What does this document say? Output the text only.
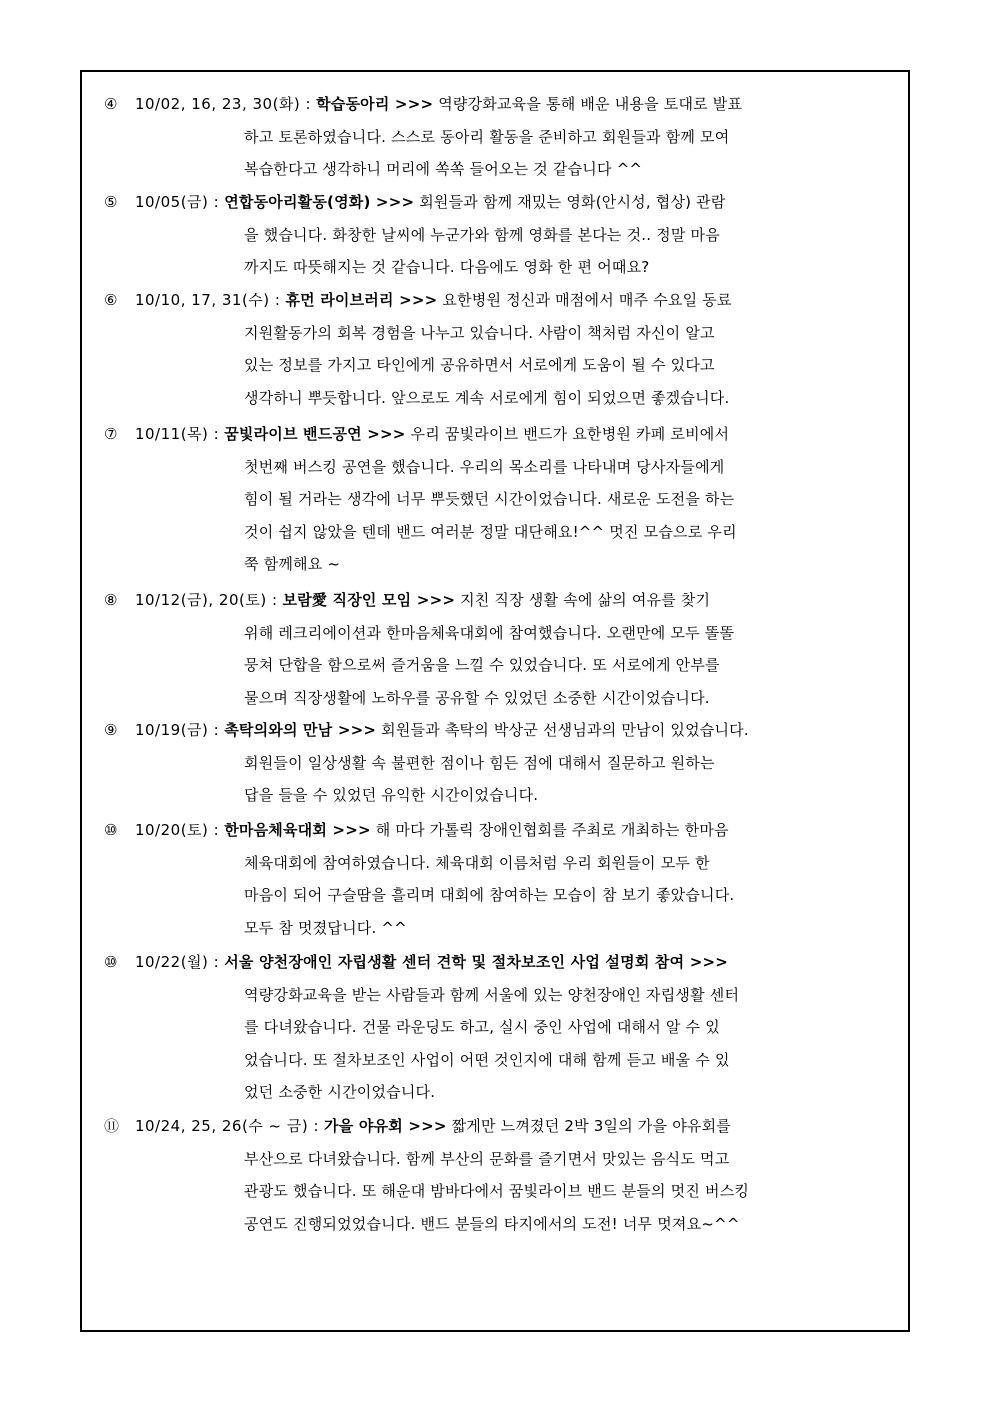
④ 10/02, 16, 23, 30(화) : 학습동아리 >>> 역량강화교육을 통해 배운 내용을 토대로 발표
하고 토론하였습니다. 스스로 동아리 활동을 준비하고 회원들과 함께 모여
복습한다고 생각하니 머리에 쏙쏙 들어오는 것 같습니다 ^^
⑤ 10/05(금) : 연합동아리활동(영화) >>> 회원들과 함께 재밌는 영화(안시성, 협상) 관람
을 했습니다. 화창한 날씨에 누군가와 함께 영화를 본다는 것.. 정말 마음
까지도 따뜻해지는 것 같습니다. 다음에도 영화 한 편 어때요?
⑥ 10/10, 17, 31(수) : 휴먼 라이브러리 >>> 요한병원 정신과 매점에서 매주 수요일 동료
지원활동가의 회복 경험을 나누고 있습니다. 사람이 책처럼 자신이 알고
있는 정보를 가지고 타인에게 공유하면서 서로에게 도움이 될 수 있다고
생각하니 뿌듯합니다. 앞으로도 계속 서로에게 힘이 되었으면 좋겠습니다.
⑦ 10/11(목) : 꿈빛라이브 밴드공연 >>> 우리 꿈빛라이브 밴드가 요한병원 카페 로비에서
첫번째 버스킹 공연을 했습니다. 우리의 목소리를 나타내며 당사자들에게
힘이 될 거라는 생각에 너무 뿌듯했던 시간이었습니다. 새로운 도전을 하는
것이 쉽지 않았을 텐데 밴드 여러분 정말 대단해요!^^ 멋진 모습으로 우리
쭉 함께해요 ~
⑧ 10/12(금), 20(토) : 보람愛 직장인 모임 >>> 지친 직장 생활 속에 삶의 여유를 찾기
위해 레크리에이션과 한마음체육대회에 참여했습니다. 오랜만에 모두 똘똘
뭉쳐 단합을 함으로써 즐거움을 느낄 수 있었습니다. 또 서로에게 안부를
물으며 직장생활에 노하우를 공유할 수 있었던 소중한 시간이었습니다.
⑨ 10/19(금) : 촉탁의와의 만남 >>> 회원들과 촉탁의 박상군 선생님과의 만남이 있었습니다.
회원들이 일상생활 속 불편한 점이나 힘든 점에 대해서 질문하고 원하는
답을 들을 수 있었던 유익한 시간이었습니다.
⑩ 10/20(토) : 한마음체육대회 >>> 해 마다 가톨릭 장애인협회를 주최로 개최하는 한마음
체육대회에 참여하였습니다. 체육대회 이름처럼 우리 회원들이 모두 한
마음이 되어 구슬땀을 흘리며 대회에 참여하는 모습이 참 보기 좋았습니다.
모두 참 멋졌답니다. ^^
⑩ 10/22(월) : 서울 양천장애인 자립생활 센터 견학 및 절차보조인 사업 설명회 참여 >>>
역량강화교육을 받는 사람들과 함께 서울에 있는 양천장애인 자립생활 센터
를 다녀왔습니다. 건물 라운딩도 하고, 실시 중인 사업에 대해서 알 수 있
었습니다. 또 절차보조인 사업이 어떤 것인지에 대해 함께 듣고 배울 수 있
었던 소중한 시간이었습니다.
⑪ 10/24, 25, 26(수 ~ 금) : 가을 야유회 >>> 짧게만 느껴졌던 2박 3일의 가을 야유회를
부산으로 다녀왔습니다. 함께 부산의 문화를 즐기면서 맛있는 음식도 먹고
관광도 했습니다. 또 해운대 밤바다에서 꿈빛라이브 밴드 분들의 멋진 버스킹
공연도 진행되었었습니다. 밴드 분들의 타지에서의 도전! 너무 멋져요~^^
